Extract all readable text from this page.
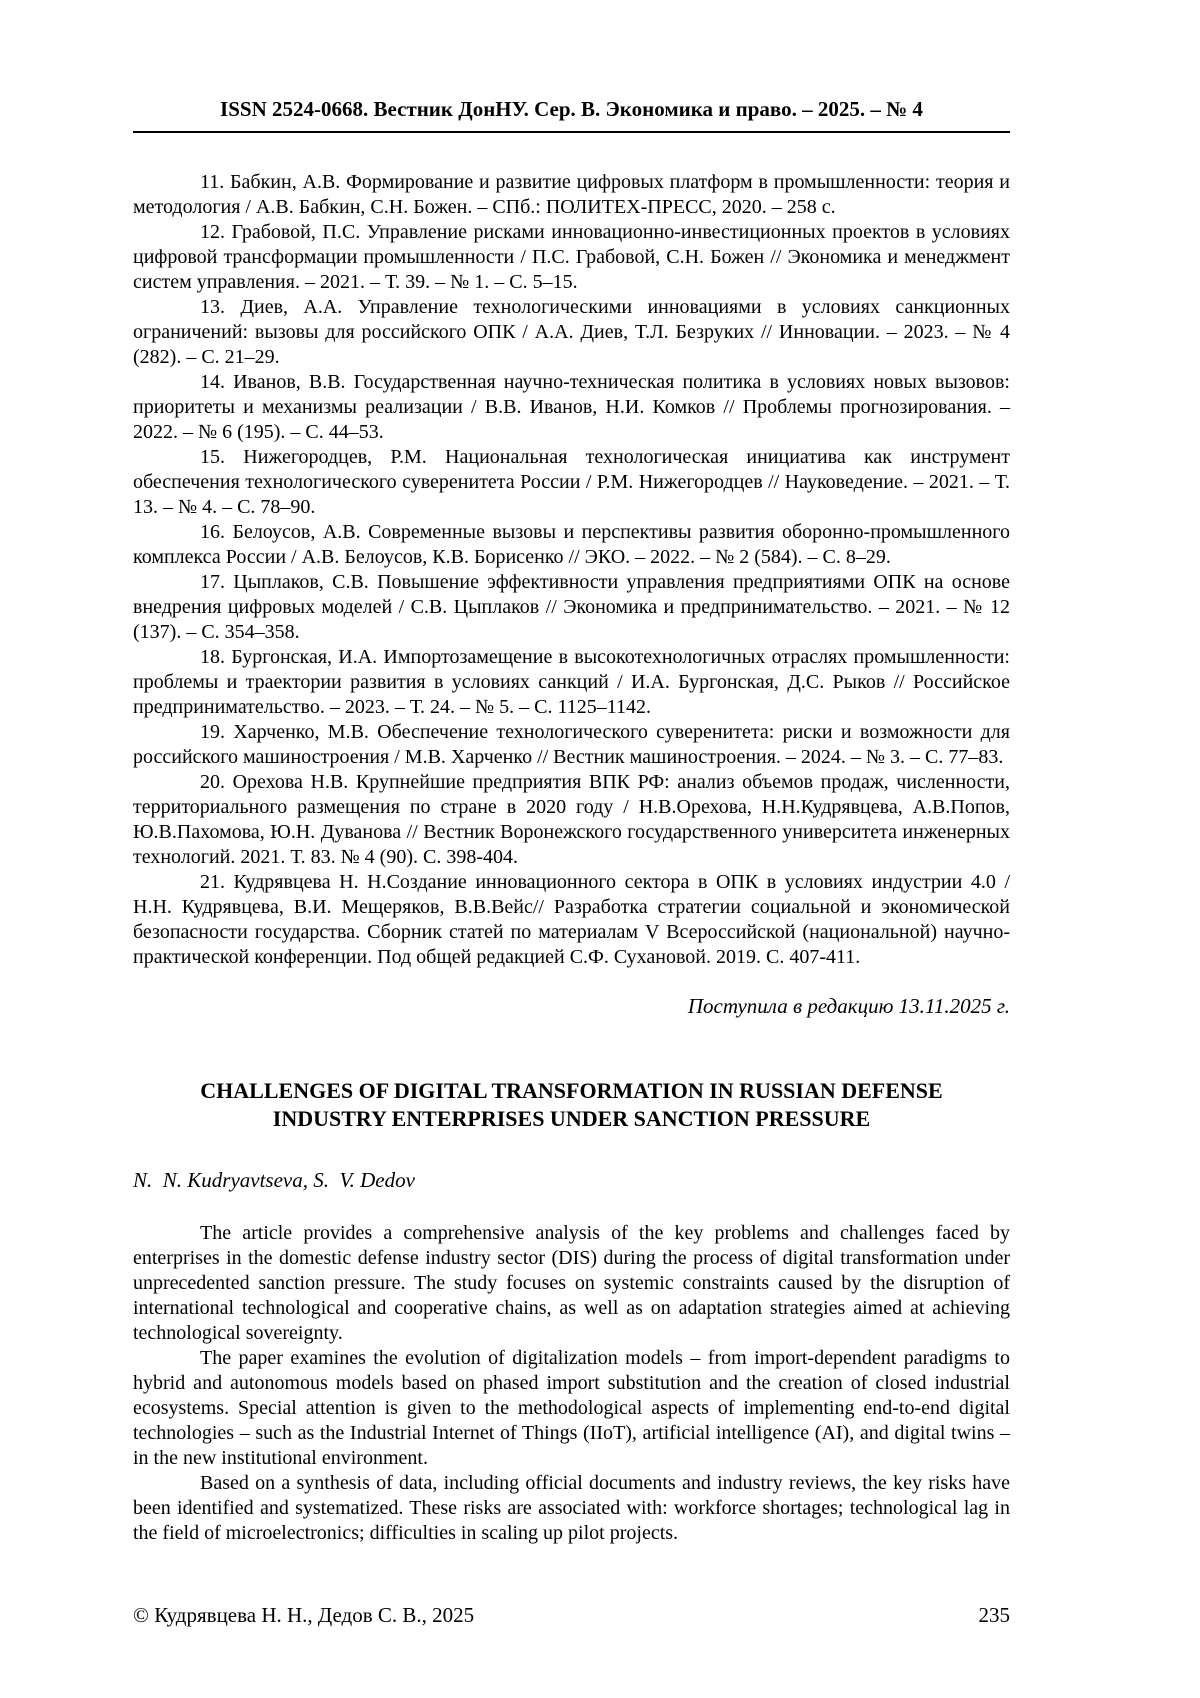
ISSN 2524-0668. Вестник ДонНУ. Сер. В. Экономика и право. – 2025. – № 4

11. Бабкин, А.В. Формирование и развитие цифровых платформ в промышленности: теория и методология / А.В. Бабкин, С.Н. Божен. – СПб.: ПОЛИТЕХ-ПРЕСС, 2020. – 258 с.

12. Грабовой, П.С. Управление рисками инновационно-инвестиционных проектов в условиях цифровой трансформации промышленности / П.С. Грабовой, С.Н. Божен // Экономика и менеджмент систем управления. – 2021. – Т. 39. – № 1. – С. 5–15.

13. Диев, А.А. Управление технологическими инновациями в условиях санкционных ограничений: вызовы для российского ОПК / А.А. Диев, Т.Л. Безруких // Инновации. – 2023. – № 4 (282). – С. 21–29.

14. Иванов, В.В. Государственная научно-техническая политика в условиях новых вызовов: приоритеты и механизмы реализации / В.В. Иванов, Н.И. Комков // Проблемы прогнозирования. – 2022. – № 6 (195). – С. 44–53.

15. Нижегородцев, Р.М. Национальная технологическая инициатива как инструмент обеспечения технологического суверенитета России / Р.М. Нижегородцев // Науковедение. – 2021. – Т. 13. – № 4. – С. 78–90.

16. Белоусов, А.В. Современные вызовы и перспективы развития оборонно-промышленного комплекса России / А.В. Белоусов, К.В. Борисенко // ЭКО. – 2022. – № 2 (584). – С. 8–29.

17. Цыплаков, С.В. Повышение эффективности управления предприятиями ОПК на основе внедрения цифровых моделей / С.В. Цыплаков // Экономика и предпринимательство. – 2021. – № 12 (137). – С. 354–358.

18. Бургонская, И.А. Импортозамещение в высокотехнологичных отраслях промышленности: проблемы и траектории развития в условиях санкций / И.А. Бургонская, Д.С. Рыков // Российское предпринимательство. – 2023. – Т. 24. – № 5. – С. 1125–1142.

19. Харченко, М.В. Обеспечение технологического суверенитета: риски и возможности для российского машиностроения / М.В. Харченко // Вестник машиностроения. – 2024. – № 3. – С. 77–83.

20. Орехова Н.В. Крупнейшие предприятия ВПК РФ: анализ объемов продаж, численности, территориального размещения по стране в 2020 году / Н.В.Орехова, Н.Н.Кудрявцева, А.В.Попов, Ю.В.Пахомова, Ю.Н. Дуванова // Вестник Воронежского государственного университета инженерных технологий. 2021. Т. 83. № 4 (90). С. 398-404.

21. Кудрявцева Н. Н.Создание инновационного сектора в ОПК в условиях индустрии 4.0 / Н.Н. Кудрявцева, В.И. Мещеряков, В.В.Вейс// Разработка стратегии социальной и экономической безопасности государства. Сборник статей по материалам V Всероссийской (национальной) научно-практической конференции. Под общей редакцией С.Ф. Сухановой. 2019. С. 407-411.

Поступила в редакцию 13.11.2025 г.
CHALLENGES OF DIGITAL TRANSFORMATION IN RUSSIAN DEFENSE
INDUSTRY ENTERPRISES UNDER SANCTION PRESSURE
N.  N. Kudryavtseva, S.  V. Dedov

The article provides a comprehensive analysis of the key problems and challenges faced by enterprises in the domestic defense industry sector (DIS) during the process of digital transformation under unprecedented sanction pressure. The study focuses on systemic constraints caused by the disruption of international technological and cooperative chains, as well as on adaptation strategies aimed at achieving technological sovereignty.

The paper examines the evolution of digitalization models – from import-dependent paradigms to hybrid and autonomous models based on phased import substitution and the creation of closed industrial ecosystems. Special attention is given to the methodological aspects of implementing end-to-end digital technologies – such as the Industrial Internet of Things (IIoT), artificial intelligence (AI), and digital twins – in the new institutional environment.

Based on a synthesis of data, including official documents and industry reviews, the key risks have been identified and systematized. These risks are associated with: workforce shortages; technological lag in the field of microelectronics; difficulties in scaling up pilot projects.

© Кудрявцева Н. Н., Дедов С. В., 2025	235
